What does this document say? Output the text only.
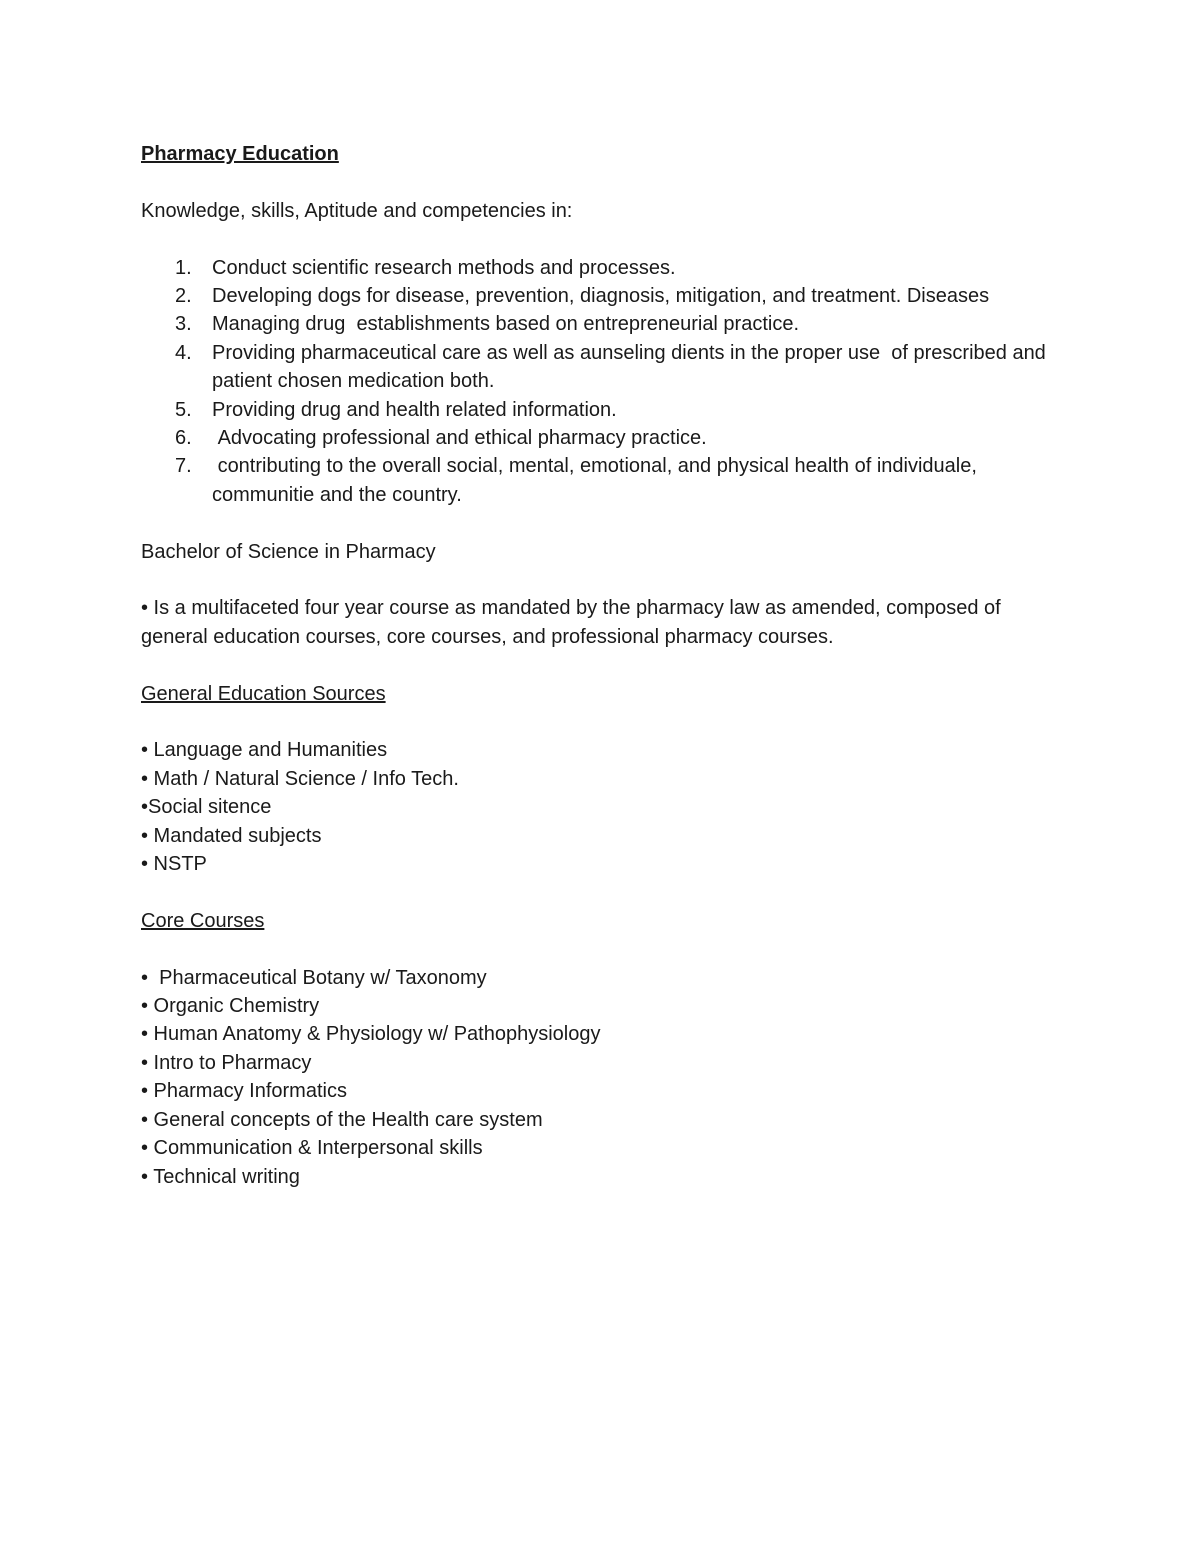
Pharmacy Education

Knowledge, skills, Aptitude and competencies in:

1.	Conduct scientific research methods and processes.
2.	Developing dogs for disease, prevention, diagnosis, mitigation, and treatment. Diseases
3.	Managing drug  establishments based on entrepreneurial practice.
4.	Providing pharmaceutical care as well as aunseling dients in the proper use  of prescribed and patient chosen medication both.
5.	Providing drug and health related information.
6.	Advocating professional and ethical pharmacy practice.
7.	contributing to the overall social, mental, emotional, and physical health of individuale, communitie and the country.

Bachelor of Science in Pharmacy

• Is a multifaceted four year course as mandated by the pharmacy law as amended, composed of general education courses, core courses, and professional pharmacy courses.

General Education Sources

• Language and Humanities

• Math / Natural Science / Info Tech.

•Social sitence

• Mandated subjects

• NSTP

Core Courses

•  Pharmaceutical Botany w/ Taxonomy

• Organic Chemistry

• Human Anatomy & Physiology w/ Pathophysiology

• Intro to Pharmacy

• Pharmacy Informatics

• General concepts of the Health care system

• Communication & Interpersonal skills

• Technical writing
